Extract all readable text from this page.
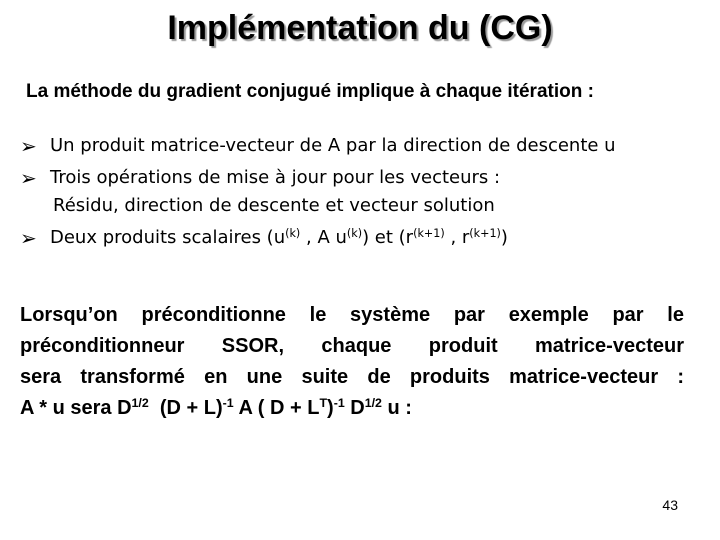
Implémentation du (CG)
La méthode du gradient conjugué implique à chaque itération :
➢ Un produit matrice-vecteur de A par la direction de descente u
➢ Trois opérations de mise à jour pour les vecteurs :
Résidu, direction de descente et vecteur solution
➢ Deux produits scalaires ($u^{(k)}$ , A $u^{(k)}$) et ($r^{(k+1)}$ , $r^{(k+1)}$)
Lorsqu’on préconditionne le système par exemple par le
préconditionneur SSOR, chaque produit matrice-vecteur
sera transformé en une suite de produits matrice-vecteur :
A * u sera $D^{1/2}$  $(D + L)^{-1}$ A ( $D + L^T)^{-1}$ $D^{1/2}$ u :
43
